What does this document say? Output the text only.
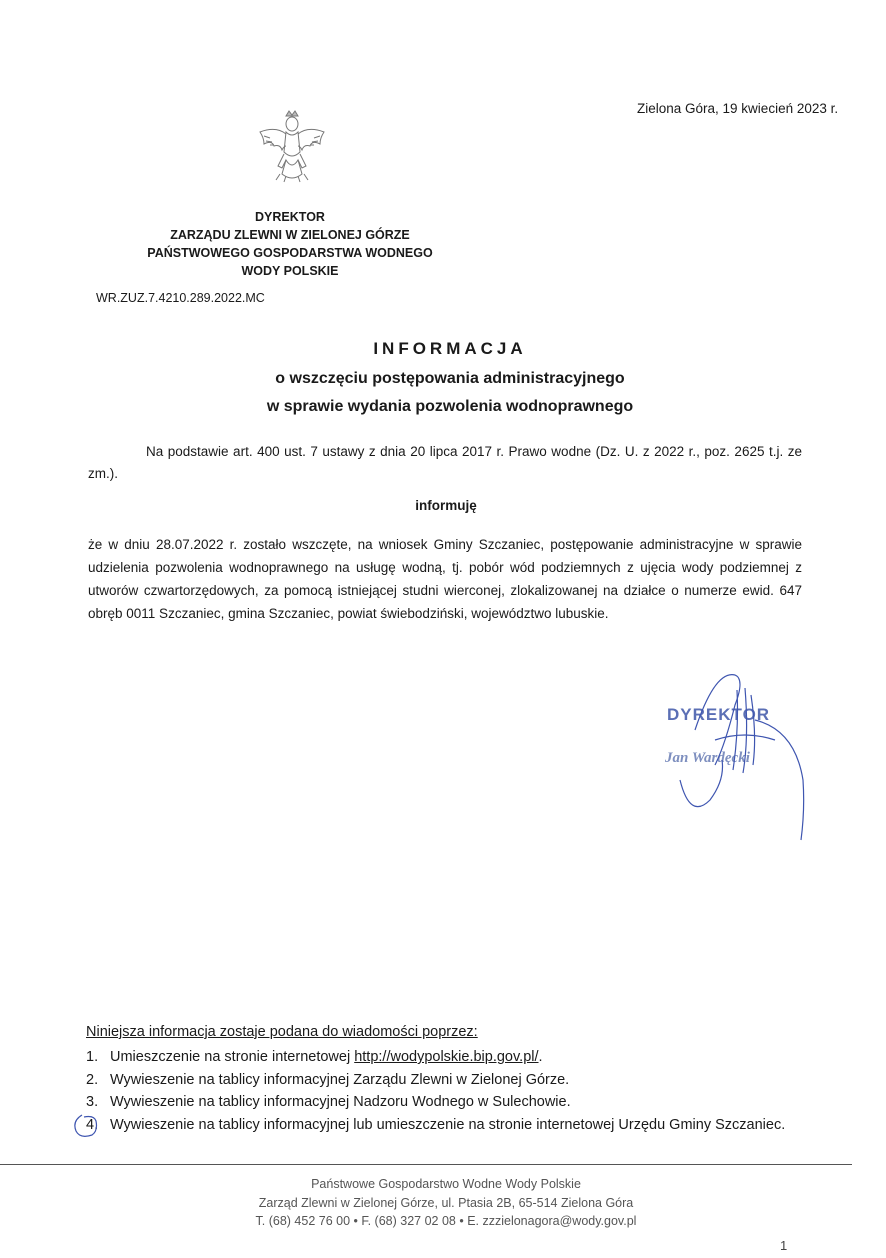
Zielona Góra, 19 kwiecień 2023 r.
DYREKTOR
ZARZĄDU ZLEWNI W ZIELONEJ GÓRZE
PAŃSTWOWEGO GOSPODARSTWA WODNEGO
WODY POLSKIE
WR.ZUZ.7.4210.289.2022.MC
INFORMACJA
o wszczęciu postępowania administracyjnego
w sprawie wydania pozwolenia wodnoprawnego
Na podstawie art. 400 ust. 7 ustawy z dnia 20 lipca 2017 r. Prawo wodne (Dz. U. z 2022 r., poz. 2625 t.j. ze zm.).
informuję
że w dniu 28.07.2022 r. zostało wszczęte, na wniosek Gminy Szczaniec, postępowanie administracyjne w sprawie udzielenia pozwolenia wodnoprawnego na usługę wodną, tj. pobór wód podziemnych z ujęcia wody podziemnej z utworów czwartorzędowych, za pomocą istniejącej studni wierconej, zlokalizowanej na działce o numerze ewid. 647 obręb 0011 Szczaniec, gmina Szczaniec, powiat świebodziński, województwo lubuskie.
DYREKTOR
Jan Wardęcki
Niniejsza informacja zostaje podana do wiadomości poprzez:
1. Umieszczenie na stronie internetowej http://wodypolskie.bip.gov.pl/.
2. Wywieszenie na tablicy informacyjnej Zarządu Zlewni w Zielonej Górze.
3. Wywieszenie na tablicy informacyjnej Nadzoru Wodnego w Sulechowie.
4. Wywieszenie na tablicy informacyjnej lub umieszczenie na stronie internetowej Urzędu Gminy Szczaniec.
Państwowe Gospodarstwo Wodne Wody Polskie
Zarząd Zlewni w Zielonej Górze, ul. Ptasia 2B, 65-514 Zielona Góra
T. (68) 452 76 00 • F. (68) 327 02 08 • E. zzzielonagora@wody.gov.pl
1
